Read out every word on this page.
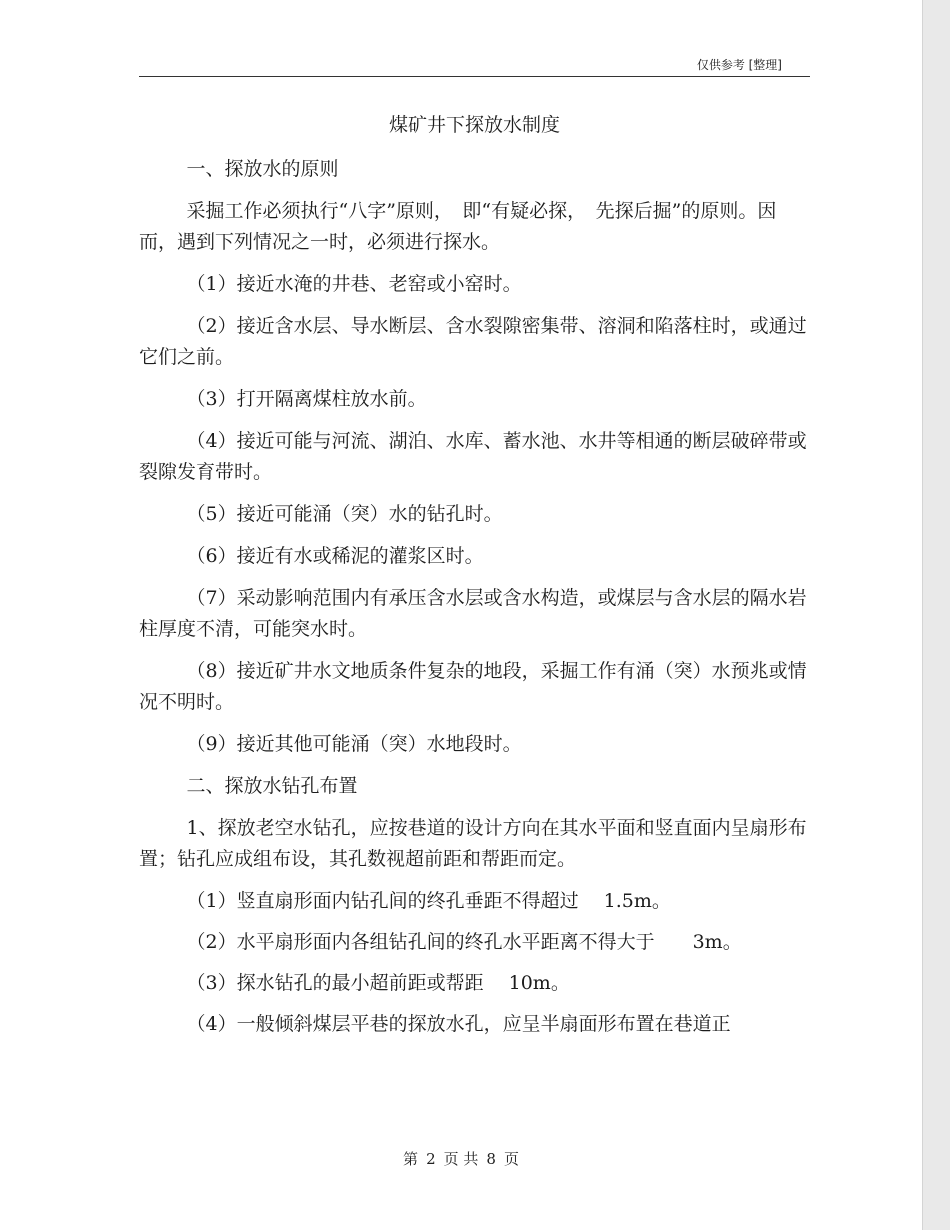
仅供参考 [整理]
煤矿井下探放水制度

一、探放水的原则

采掘工作必须执行“八字”原则，　即“有疑必探，　先探后掘”的原则。因而，遇到下列情况之一时，必须进行探水。

（1）接近水淹的井巷、老窑或小窑时。

（2）接近含水层、导水断层、含水裂隙密集带、溶洞和陷落柱时，或通过它们之前。

（3）打开隔离煤柱放水前。

（4）接近可能与河流、湖泊、水库、蓄水池、水井等相通的断层破碎带或裂隙发育带时。

（5）接近可能涌（突）水的钻孔时。

（6）接近有水或稀泥的灌浆区时。

（7）采动影响范围内有承压含水层或含水构造，或煤层与含水层的隔水岩柱厚度不清，可能突水时。

（8）接近矿井水文地质条件复杂的地段，采掘工作有涌（突）水预兆或情况不明时。

（9）接近其他可能涌（突）水地段时。

二、探放水钻孔布置

1、探放老空水钻孔，应按巷道的设计方向在其水平面和竖直面内呈扇形布置；钻孔应成组布设，其孔数视超前距和帮距而定。

（1）竖直扇形面内钻孔间的终孔垂距不得超过　 1.5m。

（2）水平扇形面内各组钻孔间的终孔水平距离不得大于　　3m。

（3）探水钻孔的最小超前距或帮距　 10m。

（4）一般倾斜煤层平巷的探放水孔，应呈半扇面形布置在巷道正

第 2 页 共 8 页
